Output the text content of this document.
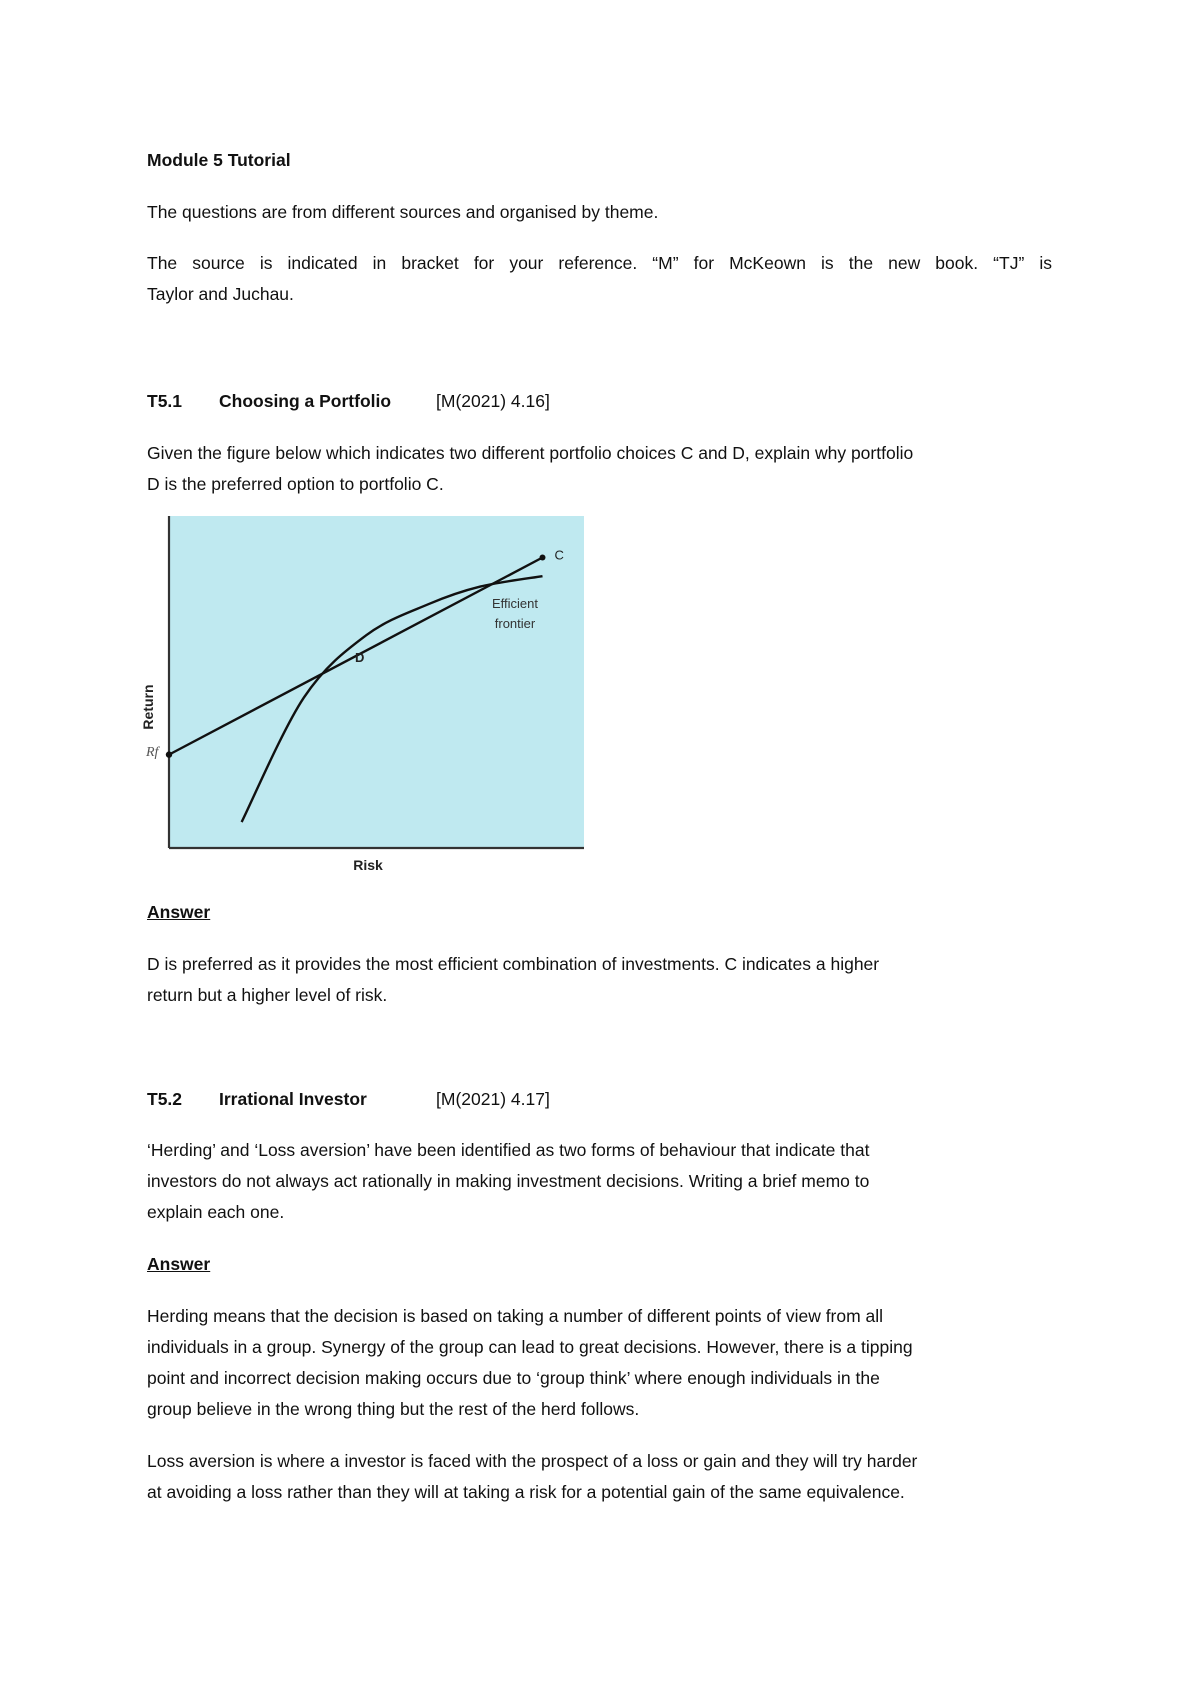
Module 5 Tutorial
The questions are from different sources and organised by theme.
The source is indicated in bracket for your reference. “M” for McKeown is the new book. “TJ” is
Taylor and Juchau.
T5.1 Choosing a Portfolio	[M(2021) 4.16]
Given the figure below which indicates two different portfolio choices C and D, explain why portfolio
D is the preferred option to portfolio C.
Answer
D is preferred as it provides the most efficient combination of investments. C indicates a higher
return but a higher level of risk.
T5.2 Irrational Investor	[M(2021) 4.17]
‘Herding’ and ‘Loss aversion’ have been identified as two forms of behaviour that indicate that
investors do not always act rationally in making investment decisions. Writing a brief memo to
explain each one.
Answer
Herding means that the decision is based on taking a number of different points of view from all
individuals in a group. Synergy of the group can lead to great decisions. However, there is a tipping
point and incorrect decision making occurs due to ‘group think’ where enough individuals in the
group believe in the wrong thing but the rest of the herd follows.
Loss aversion is where a investor is faced with the prospect of a loss or gain and they will try harder
at avoiding a loss rather than they will at taking a risk for a potential gain of the same equivalence.
Return
Risk
Rf
C
D
Efficient
frontier
